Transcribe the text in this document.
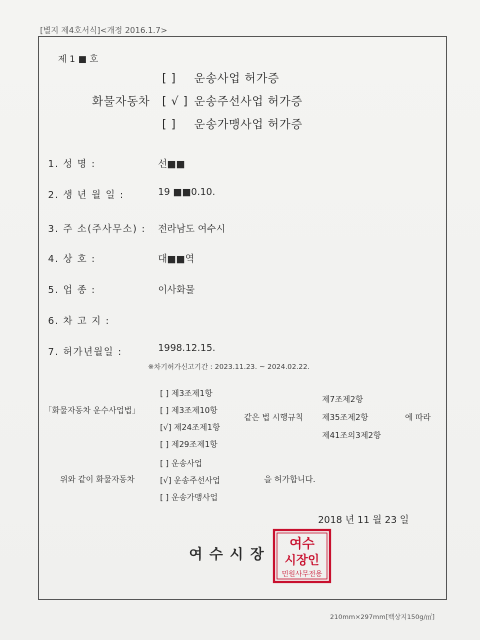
[별지 제4호서식]<개정 2016.1.7>
제 1 ■ 호
화물자동차
[ ] 운송사업 허가증
[ √ ] 운송주선사업 허가증
[ ] 운송가맹사업 허가증
1. 성 명 :	선■■
2. 생 년 월 일 :	19 ■■0.10.
3. 주 소(주사무소) : 전라남도 여수시
4. 상 호 :	대■■역
5. 업 종 :	이사화물
6. 차 고 지 :
7. 허가년월일 :	1998.12.15.
※차기허가신고기간 : 2023.11.23. ~ 2024.02.22.
「화물자동차 운수사업법」
[ ] 제3조제1항
[ ] 제3조제10항
[√] 제24조제1항
[ ] 제29조제1항
같은 법 시행규칙
제7조제2항
제35조제2항
제41조의3제2항
에 따라
위와 같이 화물자동차
[ ] 운송사업
[√] 운송주선사업
[ ] 운송가맹사업
을 허가합니다.
2018 년 11 월 23 일
여 수 시 장
여수
시장인
민원사무전용
210mm×297mm[백상지150g/㎡]
